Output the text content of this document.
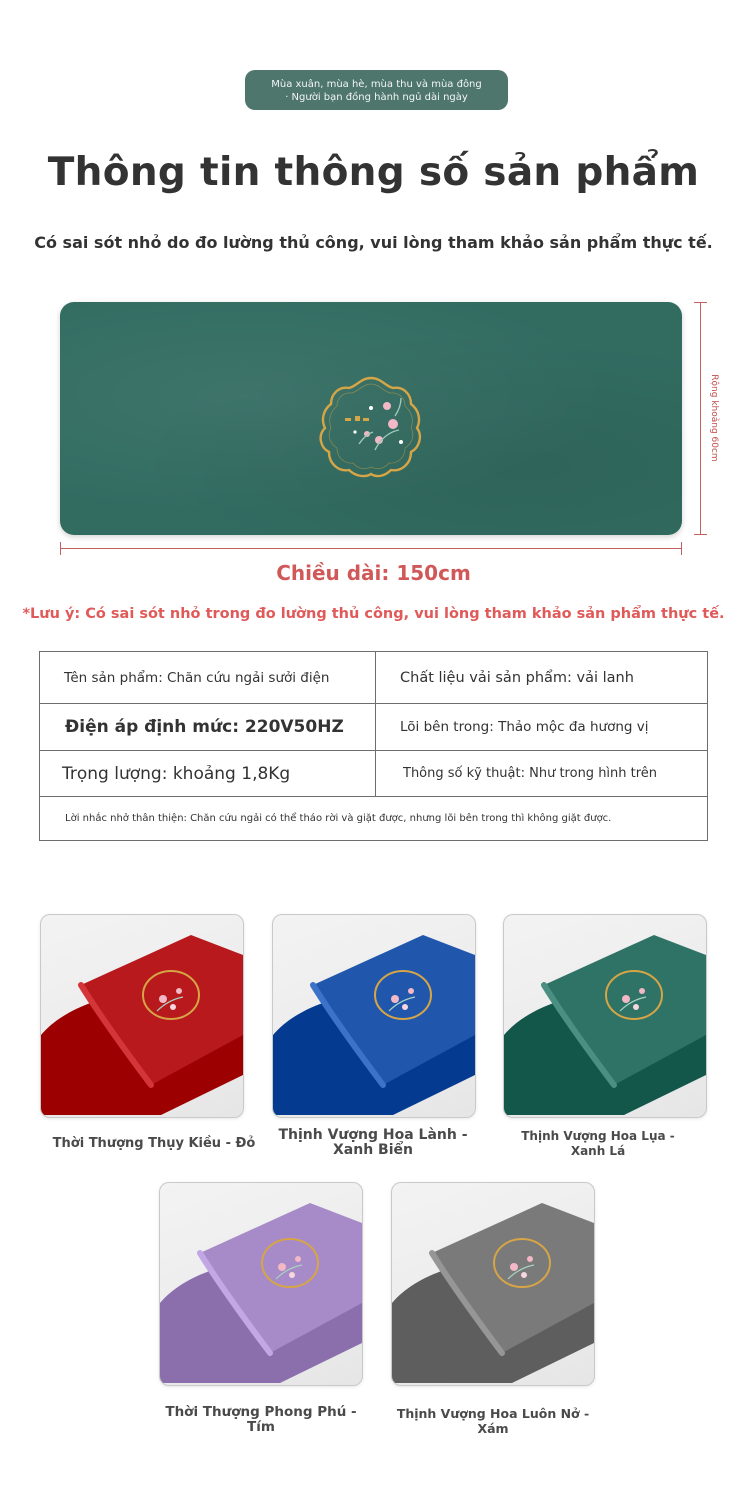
Mùa xuân, mùa hè, mùa thu và mùa đông
· Người bạn đồng hành ngủ dài ngày
Thông tin thông số sản phẩm
Có sai sót nhỏ do đo lường thủ công, vui lòng tham khảo sản phẩm thực tế.
Rộng khoảng 60cm
Chiều dài: 150cm
*Lưu ý: Có sai sót nhỏ trong đo lường thủ công, vui lòng tham khảo sản phẩm thực tế.
Tên sản phẩm: Chăn cứu ngải sưởi điện	Chất liệu vải sản phẩm: vải lanh
Điện áp định mức: 220V50HZ	Lõi bên trong: Thảo mộc đa hương vị
Trọng lượng: khoảng 1,8Kg	Thông số kỹ thuật: Như trong hình trên
Lời nhắc nhở thân thiện: Chăn cứu ngải có thể tháo rời và giặt được, nhưng lõi bên trong thì không giặt được.
Thời Thượng Thụy Kiều - Đỏ
Thịnh Vượng Hoa Lành - Xanh Biển
Thịnh Vượng Hoa Lụa - Xanh Lá
Thời Thượng Phong Phú - Tím
Thịnh Vượng Hoa Luôn Nở - Xám
